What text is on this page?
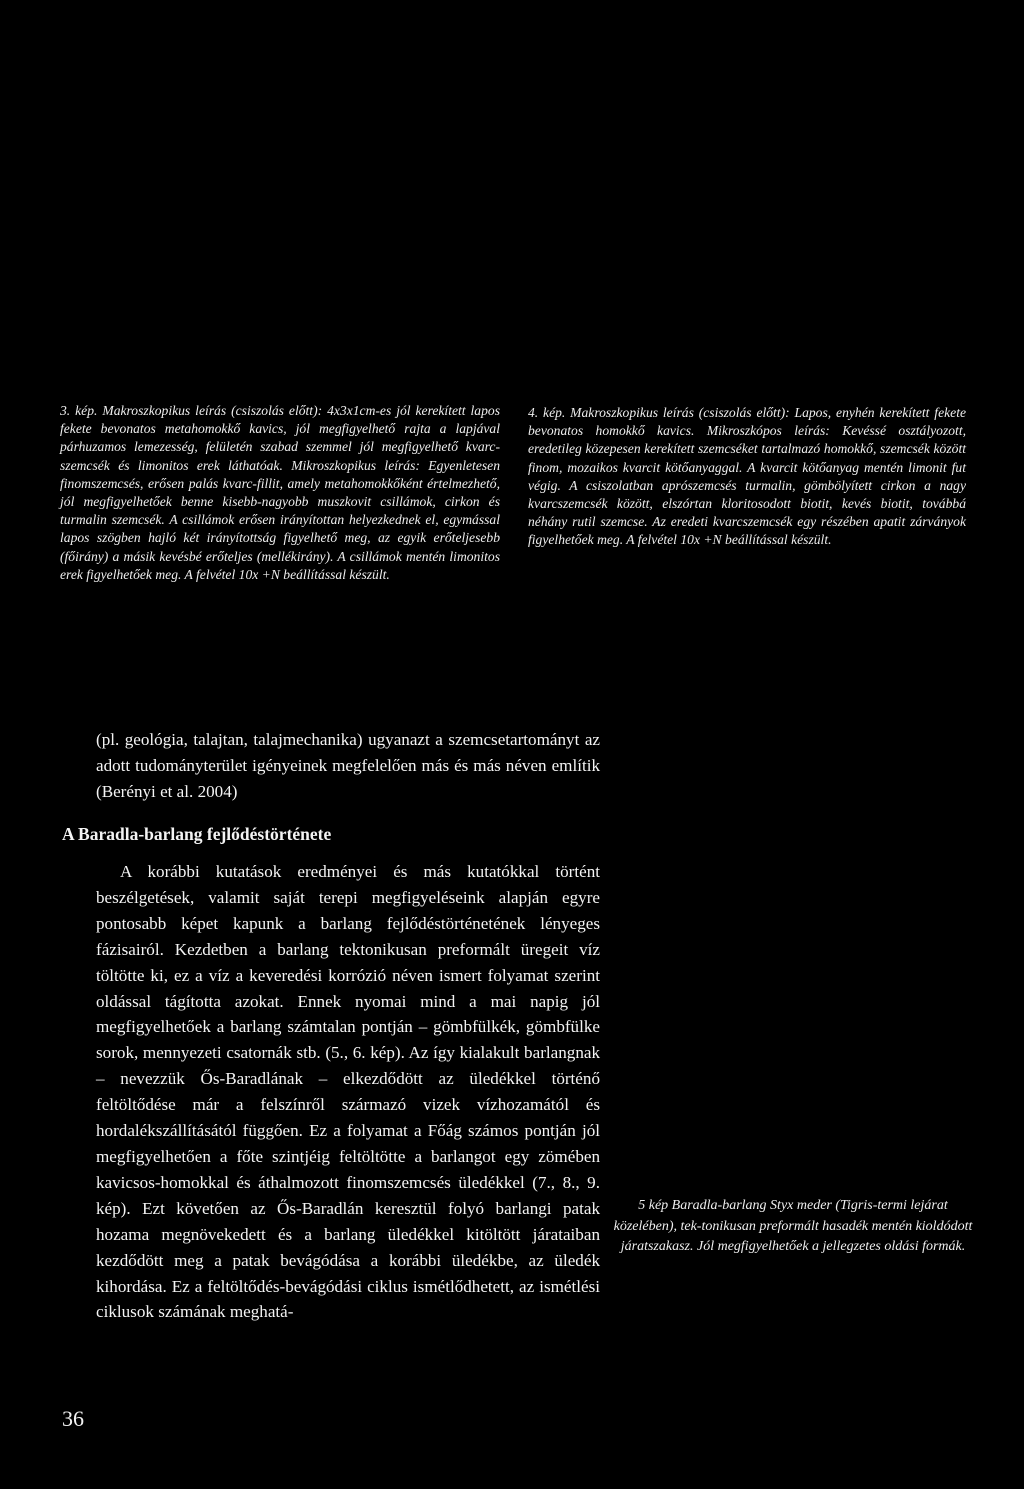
3. kép. Makroszkopikus leírás (csiszolás előtt): 4x3x1cm-es jól kerekített lapos fekete bevonatos metahomokkő kavics, jól megfigyelhető rajta a lapjával párhuzamos lemezesség, felületén szabad szemmel jól megfigyelhető kvarc-szemcsék és limonitos erek láthatóak. Mikroszkopikus leírás: Egyenletesen finomszemcsés, erősen palás kvarc-fillit, amely metahomokkőként értelmezhető, jól megfigyelhetőek benne kisebb-nagyobb muszkovit csillámok, cirkon és turmalin szemcsék. A csillámok erősen irányítottan helyezkednek el, egymással lapos szögben hajló két irányítottság figyelhető meg, az egyik erőteljesebb (főirány) a másik kevésbé erőteljes (mellékirány). A csillámok mentén limonitos erek figyelhetőek meg. A felvétel 10x +N beállítással készült.
4. kép. Makroszkopikus leírás (csiszolás előtt): Lapos, enyhén kerekített fekete bevonatos homokkő kavics. Mikroszkópos leírás: Kevéssé osztályozott, eredetileg közepesen kerekített szemcséket tartalmazó homokkő, szemcsék között finom, mozaikos kvarcit kötőanyaggal. A kvarcit kötőanyag mentén limonit fut végig. A csiszolatban aprószemcsés turmalin, gömbölyített cirkon a nagy kvarcszemcsék között, elszórtan kloritosodott biotit, kevés biotit, továbbá néhány rutil szemcse. Az eredeti kvarcszemcsék egy részében apatit zárványok figyelhetőek meg. A felvétel 10x +N beállítással készült.
(pl. geológia, talajtan, talajmechanika) ugyanazt a szemcsetartományt az adott tudományterület igényeinek megfelelően más és más néven említik (Berényi et al. 2004)
A Baradla-barlang fejlődéstörténete
A korábbi kutatások eredményei és más kutatókkal történt beszélgetések, valamit saját terepi megfigyeléseink alapján egyre pontosabb képet kapunk a barlang fejlődéstörténetének lényeges fázisairól. Kezdetben a barlang tektonikusan preformált üregeit víz töltötte ki, ez a víz a keveredési korrózió néven ismert folyamat szerint oldással tágította azokat. Ennek nyomai mind a mai napig jól megfigyelhetőek a barlang számtalan pontján – gömbfülkék, gömbfülke sorok, mennyezeti csatornák stb. (5., 6. kép). Az így kialakult barlangnak – nevezzük Ős-Baradlának – elkezdődött az üledékkel történő feltöltődése már a felszínről származó vizek vízhozamától és hordalékszállításától függően. Ez a folyamat a Főág számos pontján jól megfigyelhetően a főte szintjéig feltöltötte a barlangot egy zömében kavicsos-homokkal és áthalmozott finomszemcsés üledékkel (7., 8., 9. kép). Ezt követően az Ős-Baradlán keresztül folyó barlangi patak hozama megnövekedett és a barlang üledékkel kitöltött járataiban kezdődött meg a patak bevágódása a korábbi üledékbe, az üledék kihordása. Ez a feltöltődés-bevágódási ciklus ismétlődhetett, az ismétlési ciklusok számának meghatá-
5 kép Baradla-barlang Styx meder (Tigris-termi lejárat közelében), tek-tonikusan preformált hasadék mentén kioldódott járatszakasz. Jól megfigyelhetőek a jellegzetes oldási formák.
36
